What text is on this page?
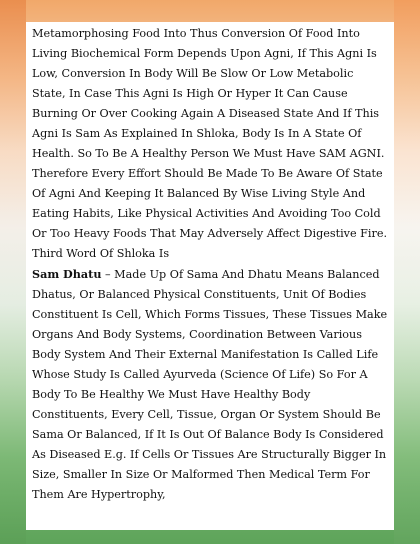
Metamorphosing Food Into Thus Conversion Of Food Into Living Biochemical Form Depends Upon Agni, If This Agni Is Low, Conversion In Body Will Be Slow Or Low Metabolic State, In Case This Agni Is High Or Hyper It Can Cause Burning Or Over Cooking Again A Diseased State And If This Agni Is Sam As Explained In Shloka, Body Is In A State Of Health. So To Be A Healthy Person We Must Have SAM AGNI. Therefore Every Effort Should Be Made To Be Aware Of State Of Agni And Keeping It Balanced By Wise Living Style And Eating Habits, Like Physical Activities And Avoiding Too Cold Or Too Heavy Foods That May Adversely Affect Digestive Fire. Third Word Of Shloka Is

Sam Dhatu – Made Up Of Sama And Dhatu Means Balanced Dhatus, Or Balanced Physical Constituents, Unit Of Bodies Constituent Is Cell, Which Forms Tissues, These Tissues Make Organs And Body Systems, Coordination Between Various Body System And Their External Manifestation Is Called Life Whose Study Is Called Ayurveda (Science Of Life) So For A Body To Be Healthy We Must Have Healthy Body Constituents, Every Cell, Tissue, Organ Or System Should Be Sama Or Balanced, If It Is Out Of Balance Body Is Considered As Diseased E.g. If Cells Or Tissues Are Structurally Bigger In Size, Smaller In Size Or Malformed Then Medical Term For Them Are Hypertrophy,
